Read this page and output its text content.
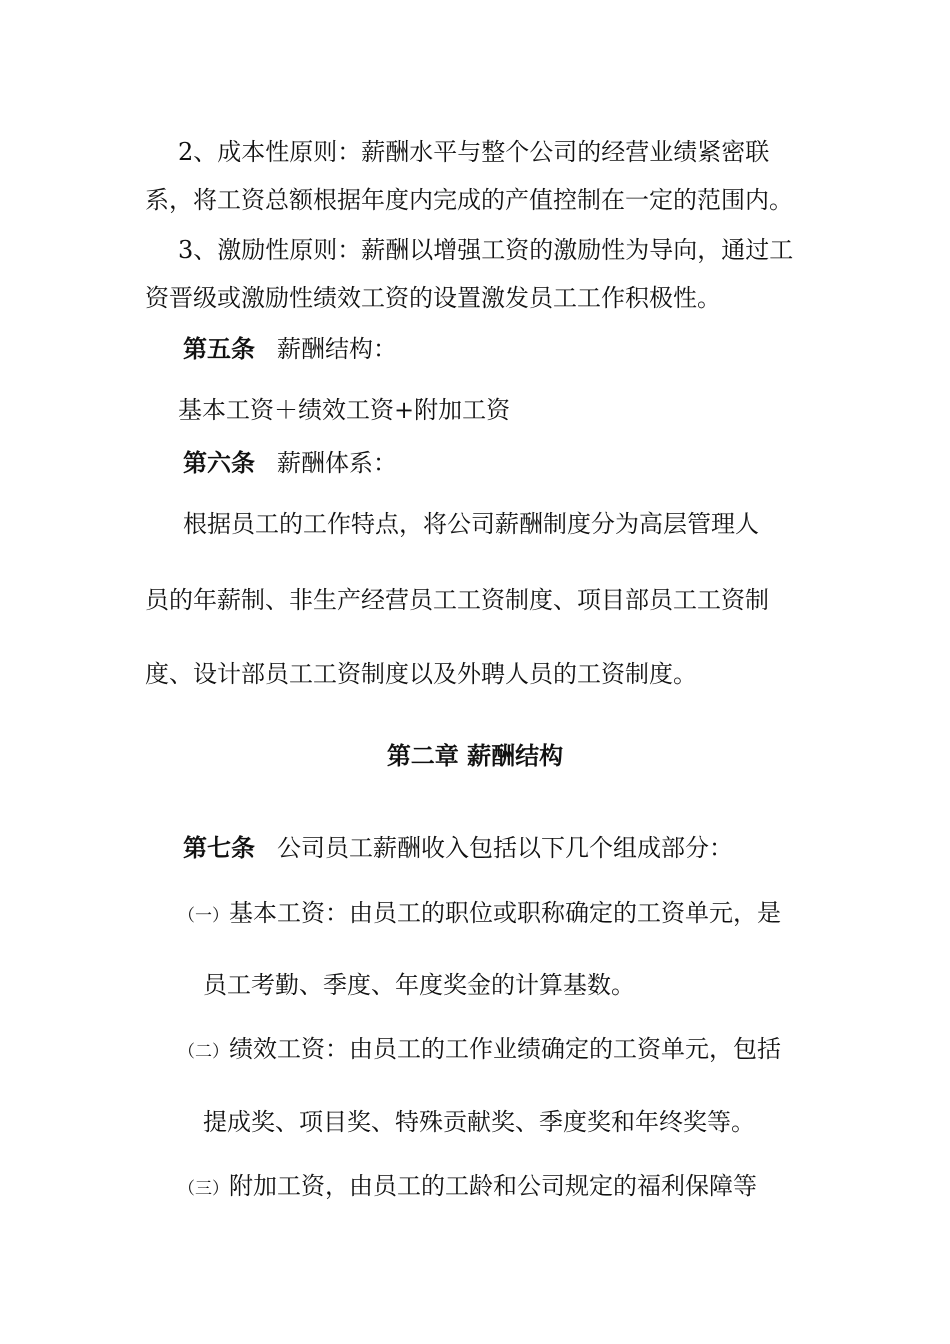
2、成本性原则：薪酬水平与整个公司的经营业绩紧密联
系，将工资总额根据年度内完成的产值控制在一定的范围内。
3、激励性原则：薪酬以增强工资的激励性为导向，通过工
资晋级或激励性绩效工资的设置激发员工工作积极性。
第五条 薪酬结构：
基本工资＋绩效工资+附加工资
第六条 薪酬体系：
根据员工的工作特点，将公司薪酬制度分为高层管理人
员的年薪制、非生产经营员工工资制度、项目部员工工资制
度、设计部员工工资制度以及外聘人员的工资制度。
第二章 薪酬结构
第七条 公司员工薪酬收入包括以下几个组成部分：
（一）基本工资：由员工的职位或职称确定的工资单元，是
员工考勤、季度、年度奖金的计算基数。
（二）绩效工资：由员工的工作业绩确定的工资单元，包括
提成奖、项目奖、特殊贡献奖、季度奖和年终奖等。
（三）附加工资，由员工的工龄和公司规定的福利保障等
